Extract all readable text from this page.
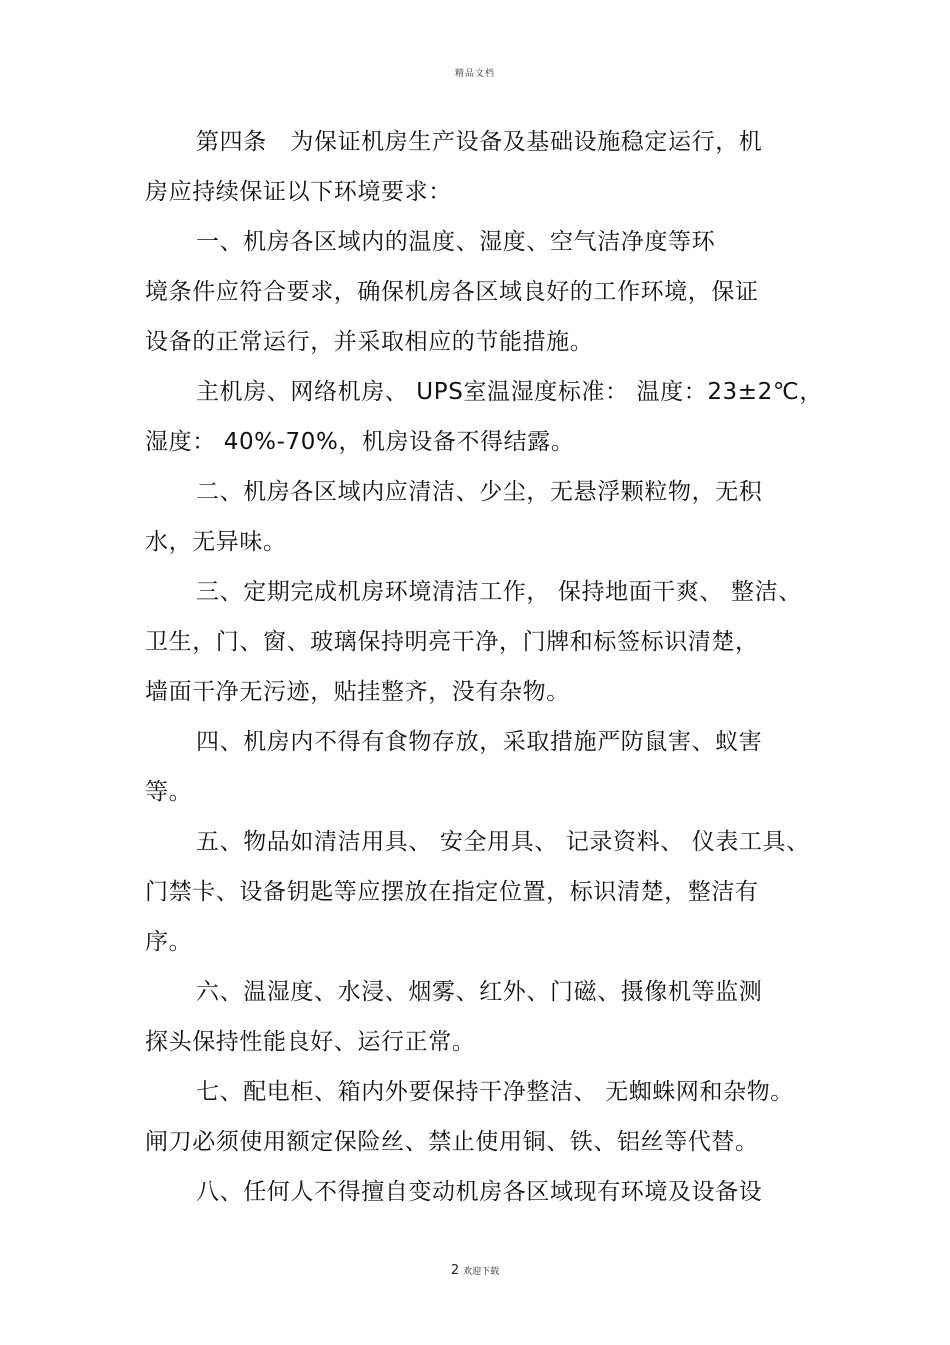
精品文档
第四条　为保证机房生产设备及基础设施稳定运行，机
房应持续保证以下环境要求：
一、机房各区域内的温度、湿度、空气洁净度等环
境条件应符合要求，确保机房各区域良好的工作环境，保证
设备的正常运行，并采取相应的节能措施。
主机房、网络机房、 UPS室温湿度标准： 温度：23±2℃，
湿度： 40%-70%，机房设备不得结露。
二、机房各区域内应清洁、少尘，无悬浮颗粒物，无积
水，无异味。
三、定期完成机房环境清洁工作， 保持地面干爽、 整洁、
卫生，门、窗、玻璃保持明亮干净，门牌和标签标识清楚，
墙面干净无污迹，贴挂整齐，没有杂物。
四、机房内不得有食物存放，采取措施严防鼠害、蚁害
等。
五、物品如清洁用具、 安全用具、 记录资料、 仪表工具、
门禁卡、设备钥匙等应摆放在指定位置，标识清楚，整洁有
序。
六、温湿度、水浸、烟雾、红外、门磁、摄像机等监测
探头保持性能良好、运行正常。
七、配电柜、箱内外要保持干净整洁、 无蜘蛛网和杂物。
闸刀必须使用额定保险丝、禁止使用铜、铁、铝丝等代替。
八、任何人不得擅自变动机房各区域现有环境及设备设
2 欢迎下载
